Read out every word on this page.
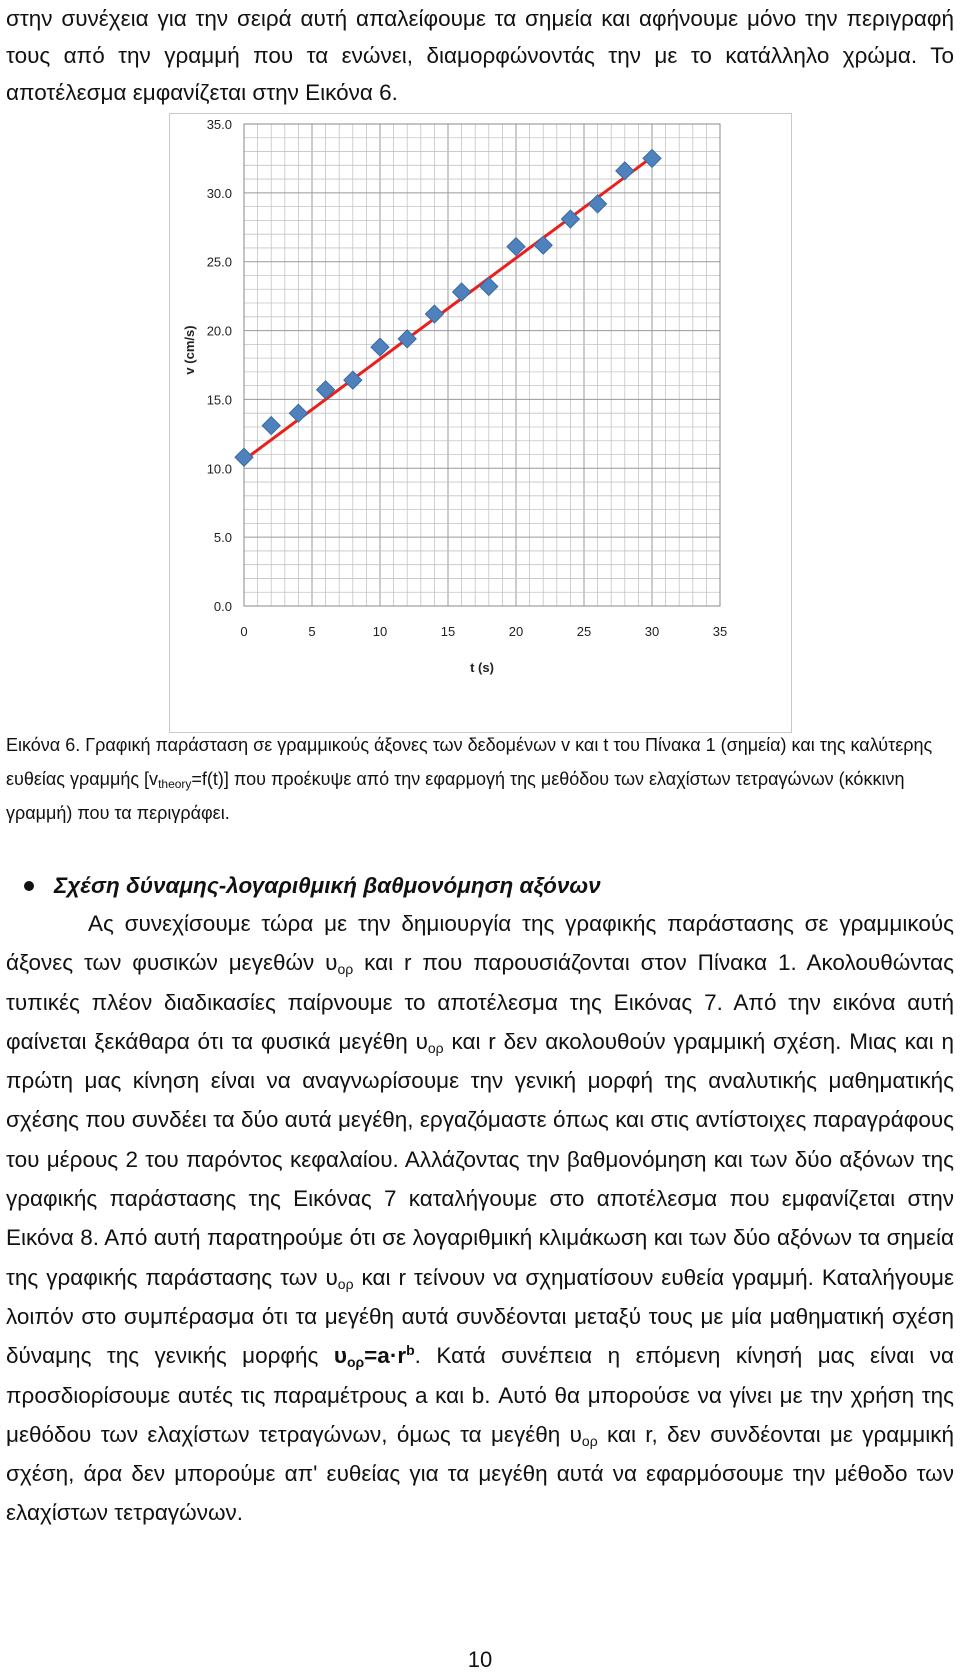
στην συνέχεια για την σειρά αυτή απαλείφουμε τα σημεία και αφήνουμε μόνο την περιγραφή τους από την γραμμή που τα ενώνει, διαμορφώνοντάς την με το κατάλληλο χρώμα. Το αποτέλεσμα εμφανίζεται στην Εικόνα 6.

0.0
5.0
10.0
15.0
20.0
25.0
30.0
35.0
0	5	10	15	20	25	30	35
t (s)
v (cm/s)

Εικόνα 6. Γραφική παράσταση σε γραμμικούς άξονες των δεδομένων v και t του Πίνακα 1 (σημεία) και της καλύτερης ευθείας γραμμής $[v_{theory}=f(t)]$ που προέκυψε από την εφαρμογή της μεθόδου των ελαχίστων τετραγώνων (κόκκινη γραμμή) που τα περιγράφει.

Σχέση δύναμης-λογαριθμική βαθμονόμηση αξόνων

Ας συνεχίσουμε τώρα με την δημιουργία της γραφικής παράστασης σε γραμμικούς άξονες των φυσικών μεγεθών $\upsilon_{o\rho}$ και r που παρουσιάζονται στον Πίνακα 1. Ακολουθώντας τυπικές πλέον διαδικασίες παίρνουμε το αποτέλεσμα της Εικόνας 7. Από την εικόνα αυτή φαίνεται ξεκάθαρα ότι τα φυσικά μεγέθη $\upsilon_{o\rho}$ και r δεν ακολουθούν γραμμική σχέση. Μιας και η πρώτη μας κίνηση είναι να αναγνωρίσουμε την γενική μορφή της αναλυτικής μαθηματικής σχέσης που συνδέει τα δύο αυτά μεγέθη, εργαζόμαστε όπως και στις αντίστοιχες παραγράφους του μέρους 2 του παρόντος κεφαλαίου. Αλλάζοντας την βαθμονόμηση και των δύο αξόνων της γραφικής παράστασης της Εικόνας 7 καταλήγουμε στο αποτέλεσμα που εμφανίζεται στην Εικόνα 8. Από αυτή παρατηρούμε ότι σε λογαριθμική κλιμάκωση και των δύο αξόνων τα σημεία της γραφικής παράστασης των $\upsilon_{o\rho}$ και r τείνουν να σχηματίσουν ευθεία γραμμή. Καταλήγουμε λοιπόν στο συμπέρασμα ότι τα μεγέθη αυτά συνδέονται μεταξύ τους με μία μαθηματική σχέση δύναμης της γενικής μορφής $\upsilon_{o\rho}=a\cdot r^b$. Κατά συνέπεια η επόμενη κίνησή μας είναι να προσδιορίσουμε αυτές τις παραμέτρους a και b. Αυτό θα μπορούσε να γίνει με την χρήση της μεθόδου των ελαχίστων τετραγώνων, όμως τα μεγέθη $\upsilon_{o\rho}$ και r, δεν συνδέονται με γραμμική σχέση, άρα δεν μπορούμε απ' ευθείας για τα μεγέθη αυτά να εφαρμόσουμε την μέθοδο των ελαχίστων τετραγώνων.

10
